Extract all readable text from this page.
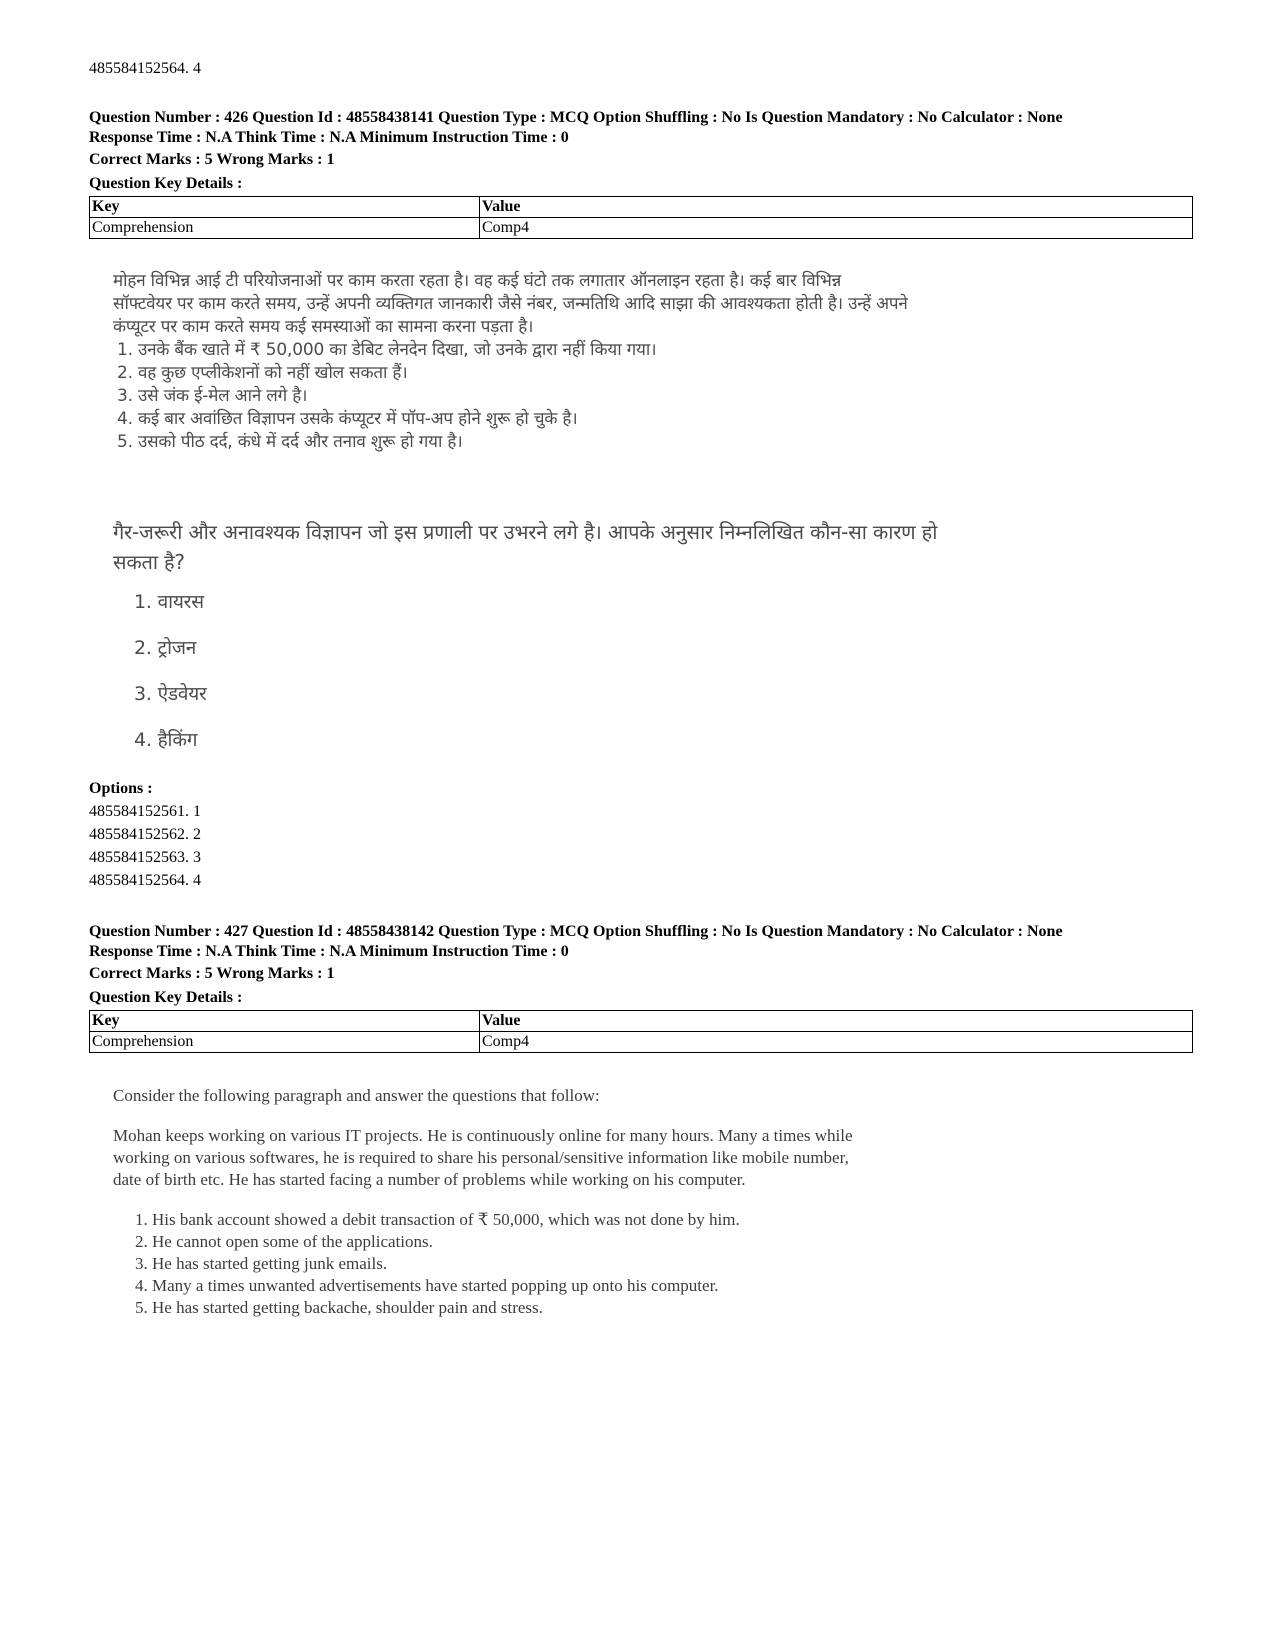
485584152564. 4

Question Number : 426 Question Id : 48558438141 Question Type : MCQ Option Shuffling : No Is Question Mandatory : No Calculator : None

Response Time : N.A Think Time : N.A Minimum Instruction Time : 0

Correct Marks : 5 Wrong Marks : 1
Question Key Details :
Key	Value
Comprehension	Comp4

मोहन विभिन्न आई टी परियोजनाओं पर काम करता रहता है। वह कई घंटो तक लगातार ऑनलाइन रहता है। कई बार विभिन्न

सॉफ्टवेयर पर काम करते समय, उन्हें अपनी व्यक्तिगत जानकारी जैसे नंबर, जन्मतिथि आदि साझा की आवश्यकता होती है। उन्हें अपने

कंप्यूटर पर काम करते समय कई समस्याओं का सामना करना पड़ता है।

1. उनके बैंक खाते में ₹ 50,000 का डेबिट लेनदेन दिखा, जो उनके द्वारा नहीं किया गया।

2. वह कुछ एप्लीकेशनों को नहीं खोल सकता हैं।

3. उसे जंक ई-मेल आने लगे है।

4. कई बार अवांछित विज्ञापन उसके कंप्यूटर में पॉप-अप होने शुरू हो चुके है।

5. उसको पीठ दर्द, कंधे में दर्द और तनाव शुरू हो गया है।

गैर-जरूरी और अनावश्यक विज्ञापन जो इस प्रणाली पर उभरने लगे है। आपके अनुसार निम्नलिखित कौन-सा कारण हो

सकता है?

1. वायरस

2. ट्रोजन

3. ऐडवेयर

4. हैकिंग

Options :
485584152561. 1
485584152562. 2
485584152563. 3
485584152564. 4

Question Number : 427 Question Id : 48558438142 Question Type : MCQ Option Shuffling : No Is Question Mandatory : No Calculator : None

Response Time : N.A Think Time : N.A Minimum Instruction Time : 0

Correct Marks : 5 Wrong Marks : 1
Question Key Details :
Key	Value
Comprehension	Comp4

Consider the following paragraph and answer the questions that follow:

Mohan keeps working on various IT projects. He is continuously online for many hours. Many a times while

working on various softwares, he is required to share his personal/sensitive information like mobile number,

date of birth etc. He has started facing a number of problems while working on his computer.

1. His bank account showed a debit transaction of ₹ 50,000, which was not done by him.

2. He cannot open some of the applications.

3. He has started getting junk emails.

4. Many a times unwanted advertisements have started popping up onto his computer.

5. He has started getting backache, shoulder pain and stress.
